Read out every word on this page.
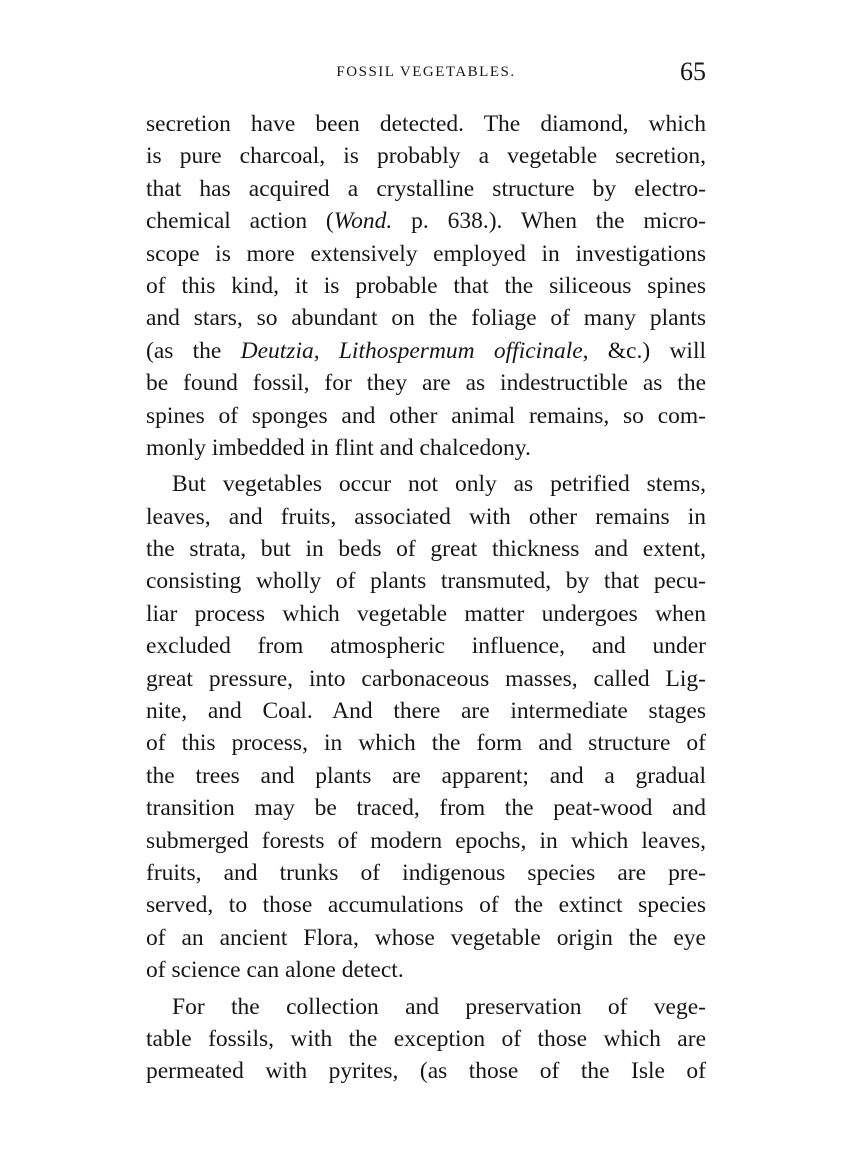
FOSSIL VEGETABLES.	65
secretion have been detected. The diamond, which
is pure charcoal, is probably a vegetable secretion,
that has acquired a crystalline structure by electro-
chemical action (Wond. p. 638.). When the micro-
scope is more extensively employed in investigations
of this kind, it is probable that the siliceous spines
and stars, so abundant on the foliage of many plants
(as the Deutzia, Lithospermum officinale, &c.) will
be found fossil, for they are as indestructible as the
spines of sponges and other animal remains, so com-
monly imbedded in flint and chalcedony.
But vegetables occur not only as petrified stems,
leaves, and fruits, associated with other remains in
the strata, but in beds of great thickness and extent,
consisting wholly of plants transmuted, by that pecu-
liar process which vegetable matter undergoes when
excluded from atmospheric influence, and under
great pressure, into carbonaceous masses, called Lig-
nite, and Coal. And there are intermediate stages
of this process, in which the form and structure of
the trees and plants are apparent; and a gradual
transition may be traced, from the peat-wood and
submerged forests of modern epochs, in which leaves,
fruits, and trunks of indigenous species are pre-
served, to those accumulations of the extinct species
of an ancient Flora, whose vegetable origin the eye
of science can alone detect.
For the collection and preservation of vege-
table fossils, with the exception of those which are
permeated with pyrites, (as those of the Isle of
